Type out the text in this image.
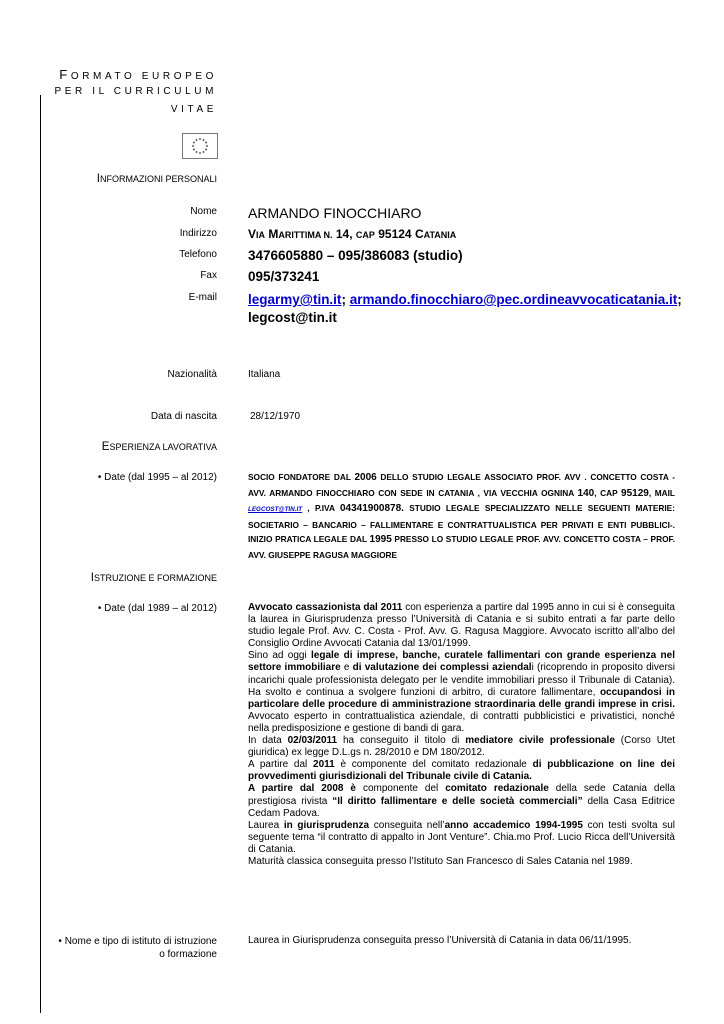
FORMATO EUROPEO
PER IL CURRICULUM
VITAE
INFORMAZIONI PERSONALI
Nome ARMANDO FINOCCHIARO
Indirizzo	VIA MARITTIMA N. 14, CAP 95124 CATANIA
Telefono 3476605880 – 095/386083 (studio)
Fax 095/373241
E-mail legarmy@tin.it; armando.finocchiaro@pec.ordineavvocaticatania.it;
legcost@tin.it
Nazionalità	Italiana
Data di nascita	28/12/1970
ESPERIENZA LAVORATIVA
• Date (dal 1995 – al 2012)	SOCIO FONDATORE DAL 2006 DELLO STUDIO LEGALE ASSOCIATO PROF. AVV . CONCETTO COSTA - AVV. ARMANDO FINOCCHIARO CON SEDE IN CATANIA , VIA VECCHIA OGNINA 140, CAP 95129, MAIL LEGCOST@TIN.IT , P.IVA 04341900878. STUDIO LEGALE SPECIALIZZATO NELLE SEGUENTI MATERIE: SOCIETARIO – BANCARIO – FALLIMENTARE E CONTRATTUALISTICA PER PRIVATI E ENTI PUBBLICI-. INIZIO PRATICA LEGALE DAL 1995 PRESSO LO STUDIO LEGALE PROF. AVV. CONCETTO COSTA – PROF. AVV. GIUSEPPE RAGUSA MAGGIORE
ISTRUZIONE E FORMAZIONE
• Date (dal 1989 – al 2012)	Avvocato cassazionista dal 2011 con esperienza a partire dal 1995 anno in cui si è conseguita la laurea in Giurisprudenza presso l’Università di Catania e si subito entrati a far parte dello studio legale Prof. Avv. C. Costa - Prof. Avv. G. Ragusa Maggiore. Avvocato iscritto all’albo del Consiglio Ordine Avvocati Catania dal 13/01/1999.

Sino ad oggi legale di imprese, banche, curatele fallimentari con grande esperienza nel settore immobiliare e di valutazione dei complessi aziendali (ricoprendo in proposito diversi incarichi quale professionista delegato per le vendite immobiliari presso il Tribunale di Catania). Ha svolto e continua a svolgere funzioni di arbitro, di curatore fallimentare, occupandosi in particolare delle procedure di amministrazione straordinaria delle grandi imprese in crisi. Avvocato esperto in contrattualistica aziendale, di contratti pubblicistici e privatistici, nonché nella predisposizione e gestione di bandi di gara.

In data 02/03/2011 ha conseguito il titolo di mediatore civile professionale (Corso Utet giuridica) ex legge D.L.gs n. 28/2010 e DM 180/2012.

A partire dal 2011 è componente del comitato redazionale di pubblicazione on line dei provvedimenti giurisdizionali del Tribunale civile di Catania.

A partire dal 2008 è componente del comitato redazionale della sede Catania della prestigiosa rivista “Il diritto fallimentare e delle società commerciali” della Casa Editrice Cedam Padova.

Laurea in giurisprudenza conseguita nell’anno accademico 1994-1995 con testi svolta sul seguente tema “il contratto di appalto in Jont Venture”. Chia.mo Prof. Lucio Ricca dell’Università di Catania.

Maturità classica conseguita presso l’Istituto San Francesco di Sales Catania nel 1989.

• Nome e tipo di istituto di istruzione
o formazione
Laurea in Giurisprudenza conseguita presso l’Università di Catania in data 06/11/1995.
